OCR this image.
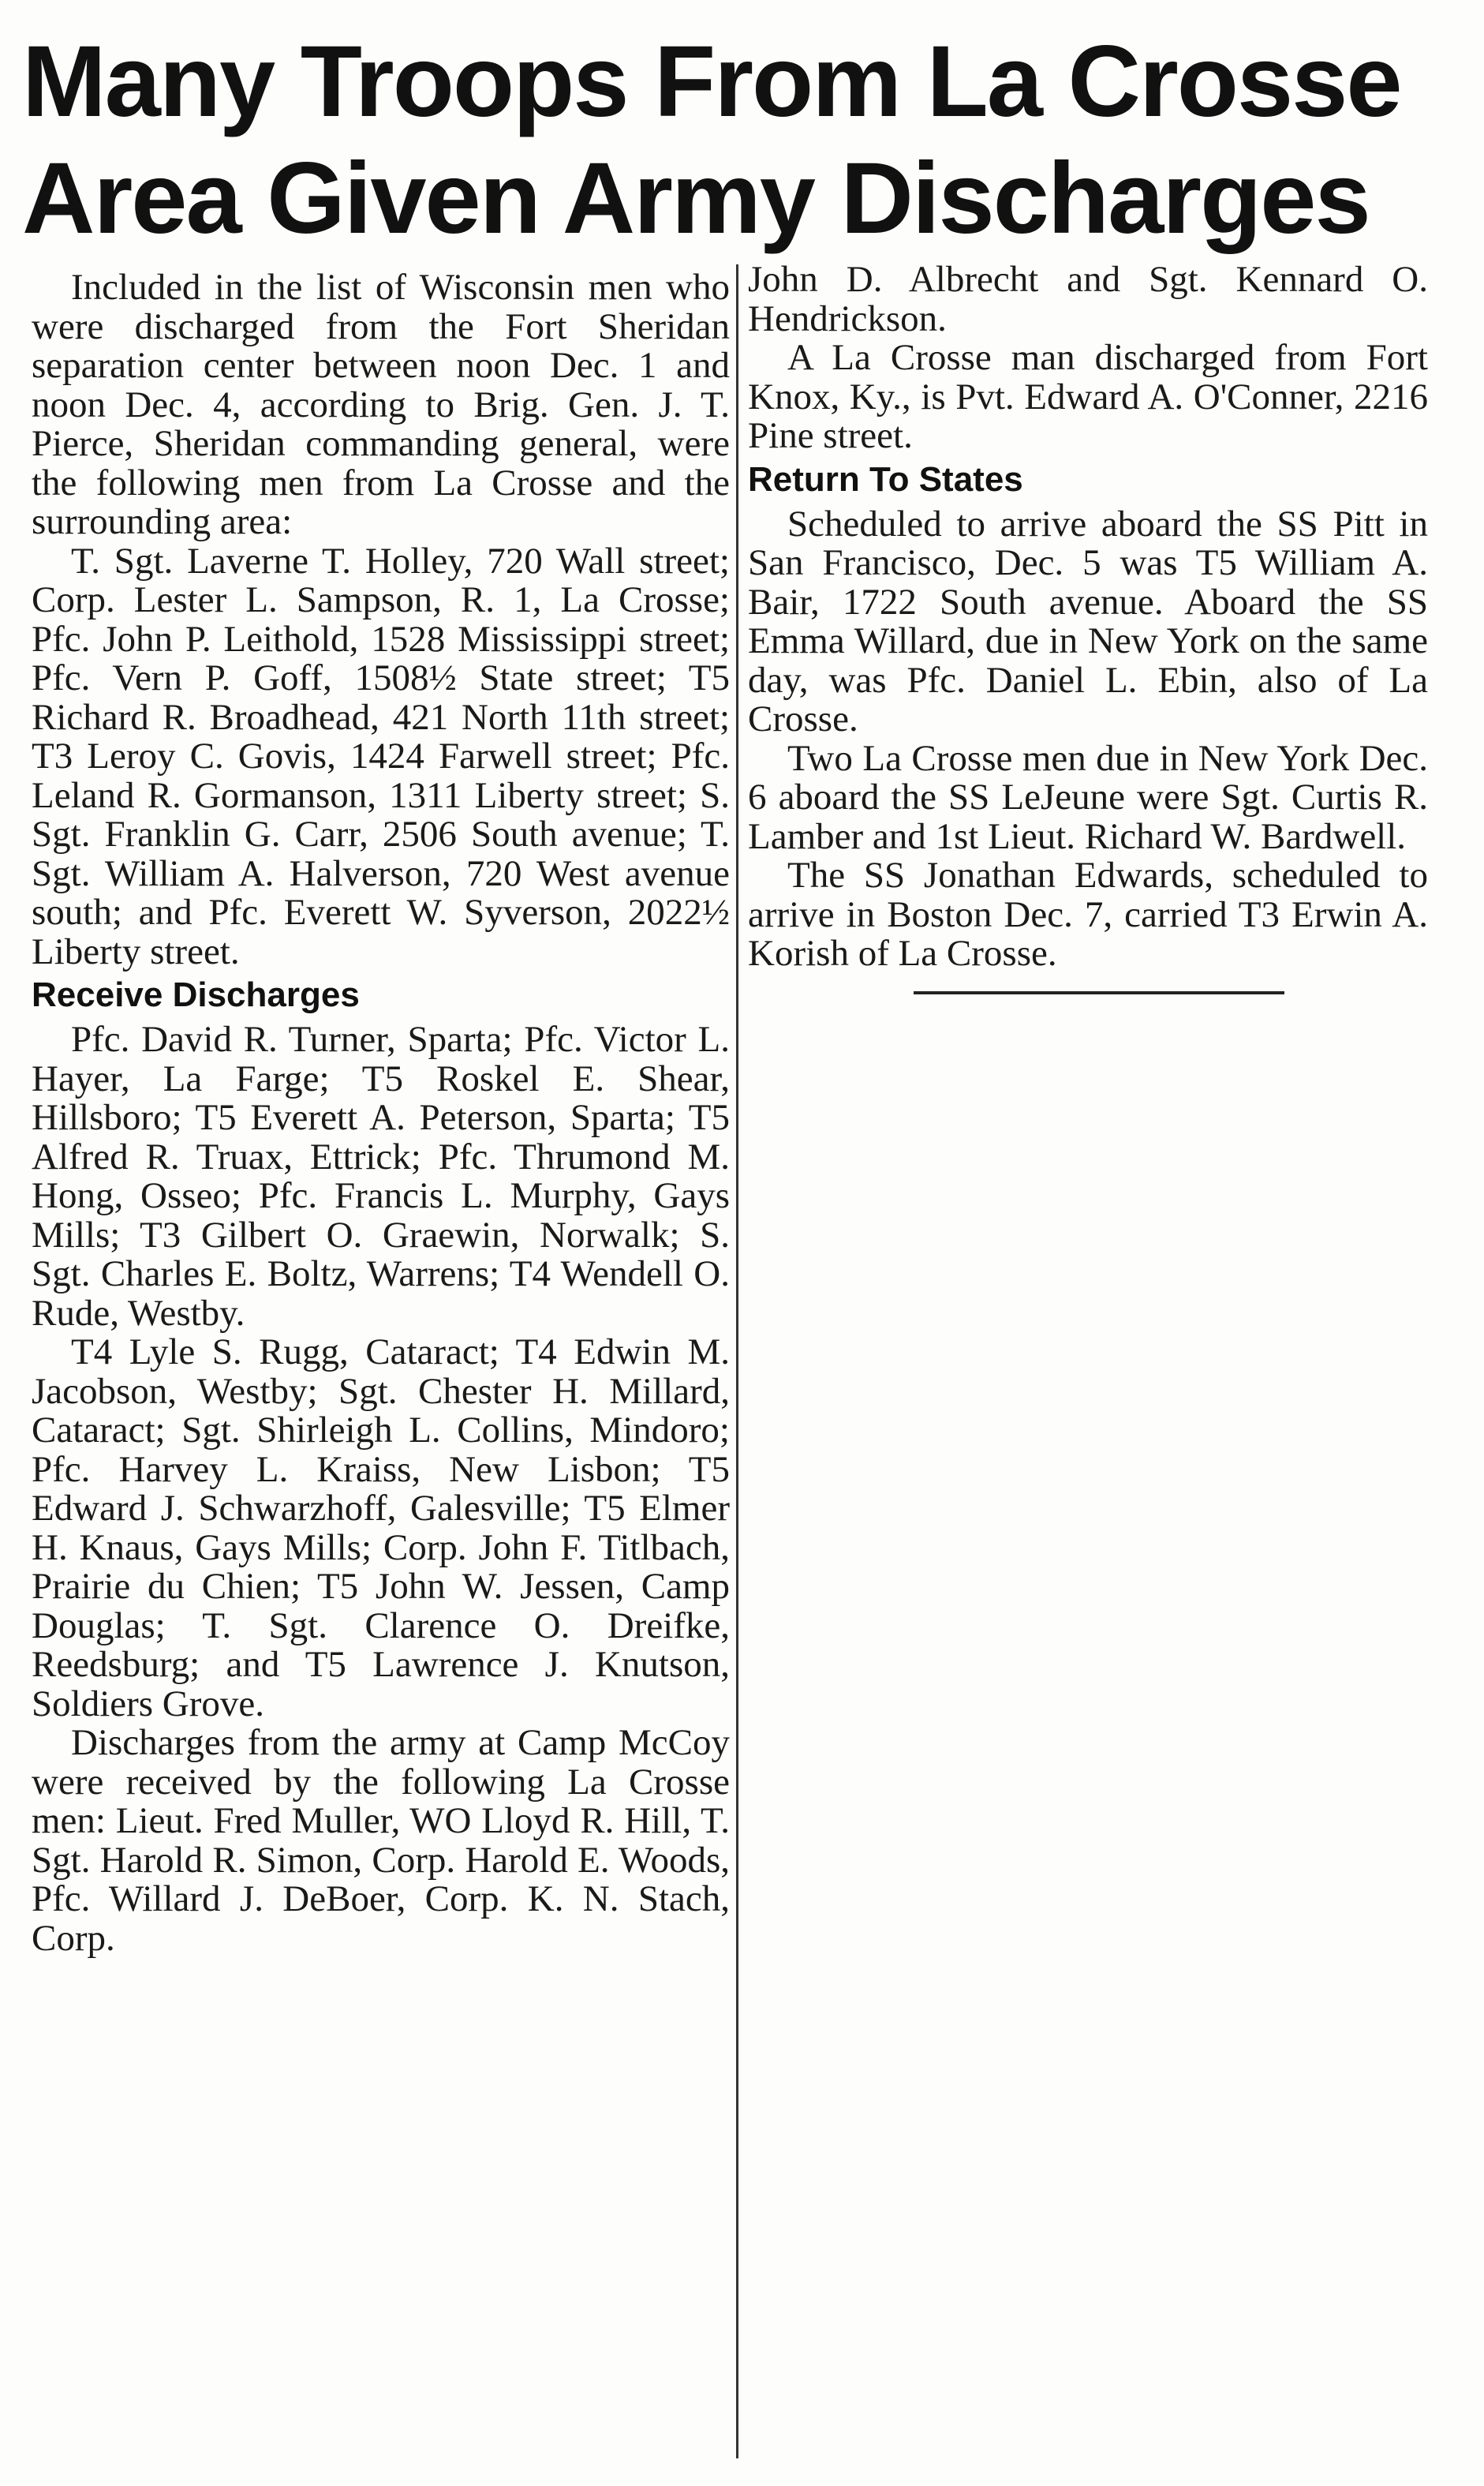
Many Troops From La Crosse
Area Given Army Discharges

Included in the list of Wisconsin men who were discharged from the Fort Sheridan separation center between noon Dec. 1 and noon Dec. 4, according to Brig. Gen. J. T. Pierce, Sheridan commanding general, were the following men from La Crosse and the surrounding area:

T. Sgt. Laverne T. Holley, 720 Wall street; Corp. Lester L. Sampson, R. 1, La Crosse; Pfc. John P. Leithold, 1528 Mississippi street; Pfc. Vern P. Goff, 1508½ State street; T5 Richard R. Broadhead, 421 North 11th street; T3 Leroy C. Govis, 1424 Farwell street; Pfc. Leland R. Gormanson, 1311 Liberty street; S. Sgt. Franklin G. Carr, 2506 South avenue; T. Sgt. William A. Halverson, 720 West avenue south; and Pfc. Everett W. Syverson, 2022½ Liberty street.

Receive Discharges

Pfc. David R. Turner, Sparta; Pfc. Victor L. Hayer, La Farge; T5 Roskel E. Shear, Hillsboro; T5 Everett A. Peterson, Sparta; T5 Alfred R. Truax, Ettrick; Pfc. Thrumond M. Hong, Osseo; Pfc. Francis L. Murphy, Gays Mills; T3 Gilbert O. Graewin, Norwalk; S. Sgt. Charles E. Boltz, Warrens; T4 Wendell O. Rude, Westby.

T4 Lyle S. Rugg, Cataract; T4 Edwin M. Jacobson, Westby; Sgt. Chester H. Millard, Cataract; Sgt. Shirleigh L. Collins, Mindoro; Pfc. Harvey L. Kraiss, New Lisbon; T5 Edward J. Schwarzhoff, Galesville; T5 Elmer H. Knaus, Gays Mills; Corp. John F. Titlbach, Prairie du Chien; T5 John W. Jessen, Camp Douglas; T. Sgt. Clarence O. Dreifke, Reedsburg; and T5 Lawrence J. Knutson, Soldiers Grove.

Discharges from the army at Camp McCoy were received by the following La Crosse men: Lieut. Fred Muller, WO Lloyd R. Hill, T. Sgt. Harold R. Simon, Corp. Harold E. Woods, Pfc. Willard J. DeBoer, Corp. K. N. Stach, Corp.

John D. Albrecht and Sgt. Kennard O. Hendrickson.

A La Crosse man discharged from Fort Knox, Ky., is Pvt. Edward A. O'Conner, 2216 Pine street.

Return To States

Scheduled to arrive aboard the SS Pitt in San Francisco, Dec. 5 was T5 William A. Bair, 1722 South avenue. Aboard the SS Emma Willard, due in New York on the same day, was Pfc. Daniel L. Ebin, also of La Crosse.

Two La Crosse men due in New York Dec. 6 aboard the SS LeJeune were Sgt. Curtis R. Lamber and 1st Lieut. Richard W. Bardwell.

The SS Jonathan Edwards, scheduled to arrive in Boston Dec. 7, carried T3 Erwin A. Korish of La Crosse.
